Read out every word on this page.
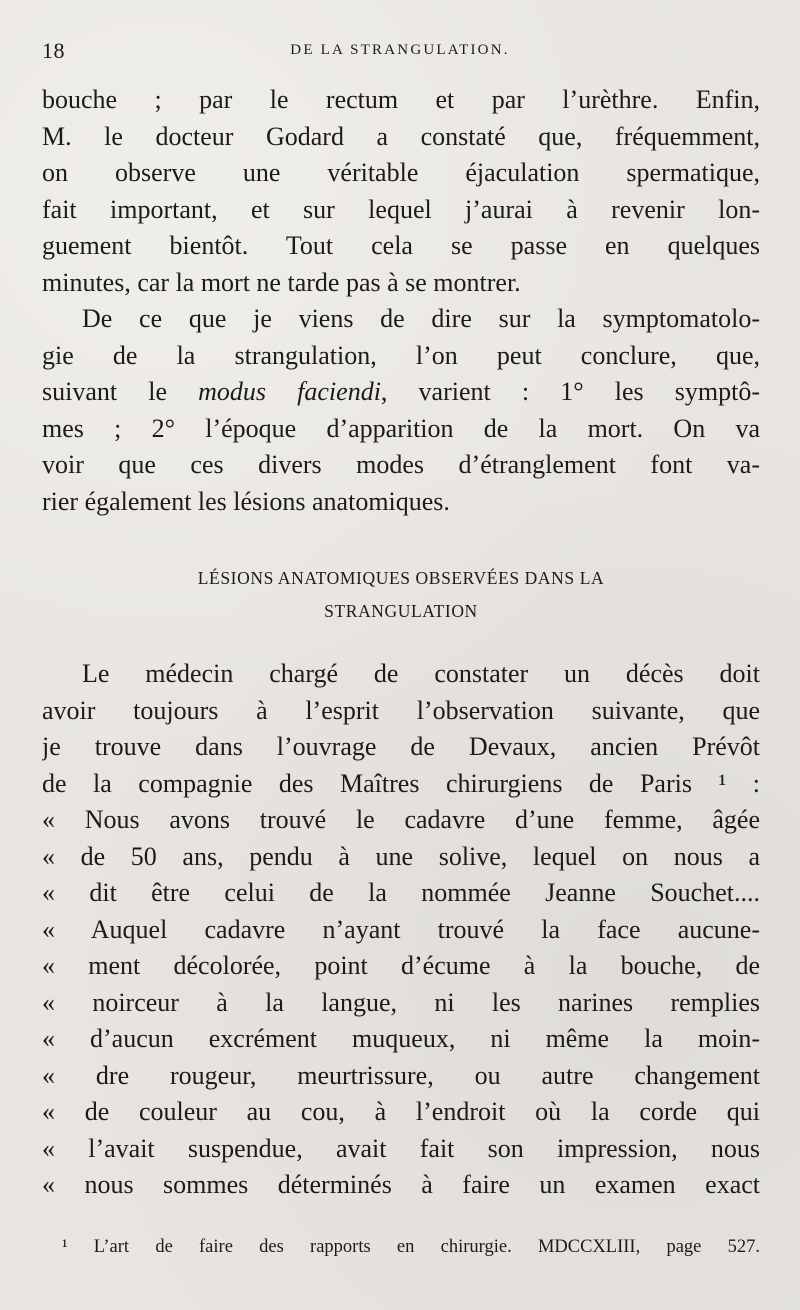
18	DE LA STRANGULATION.
bouche ; par le rectum et par l’urèthre. Enfin,
M. le docteur Godard a constaté que, fréquemment,
on observe une véritable éjaculation spermatique,
fait important, et sur lequel j’aurai à revenir lon-
guement bientôt. Tout cela se passe en quelques
minutes, car la mort ne tarde pas à se montrer.
De ce que je viens de dire sur la symptomatolo-
gie de la strangulation, l’on peut conclure, que,
suivant le modus faciendi, varient : 1° les symptô-
mes ; 2° l’époque d’apparition de la mort. On va
voir que ces divers modes d’étranglement font va-
rier également les lésions anatomiques.
LÉSIONS ANATOMIQUES OBSERVÉES DANS LA
STRANGULATION
Le médecin chargé de constater un décès doit
avoir toujours à l’esprit l’observation suivante, que
je trouve dans l’ouvrage de Devaux, ancien Prévôt
de la compagnie des Maîtres chirurgiens de Paris ¹ :
« Nous avons trouvé le cadavre d’une femme, âgée
« de 50 ans, pendu à une solive, lequel on nous a
« dit être celui de la nommée Jeanne Souchet....
« Auquel cadavre n’ayant trouvé la face aucune-
« ment décolorée, point d’écume à la bouche, de
« noirceur à la langue, ni les narines remplies
« d’aucun excrément muqueux, ni même la moin-
« dre rougeur, meurtrissure, ou autre changement
« de couleur au cou, à l’endroit où la corde qui
« l’avait suspendue, avait fait son impression, nous
« nous sommes déterminés à faire un examen exact
¹ L’art de faire des rapports en chirurgie. MDCCXLIII, page 527.
